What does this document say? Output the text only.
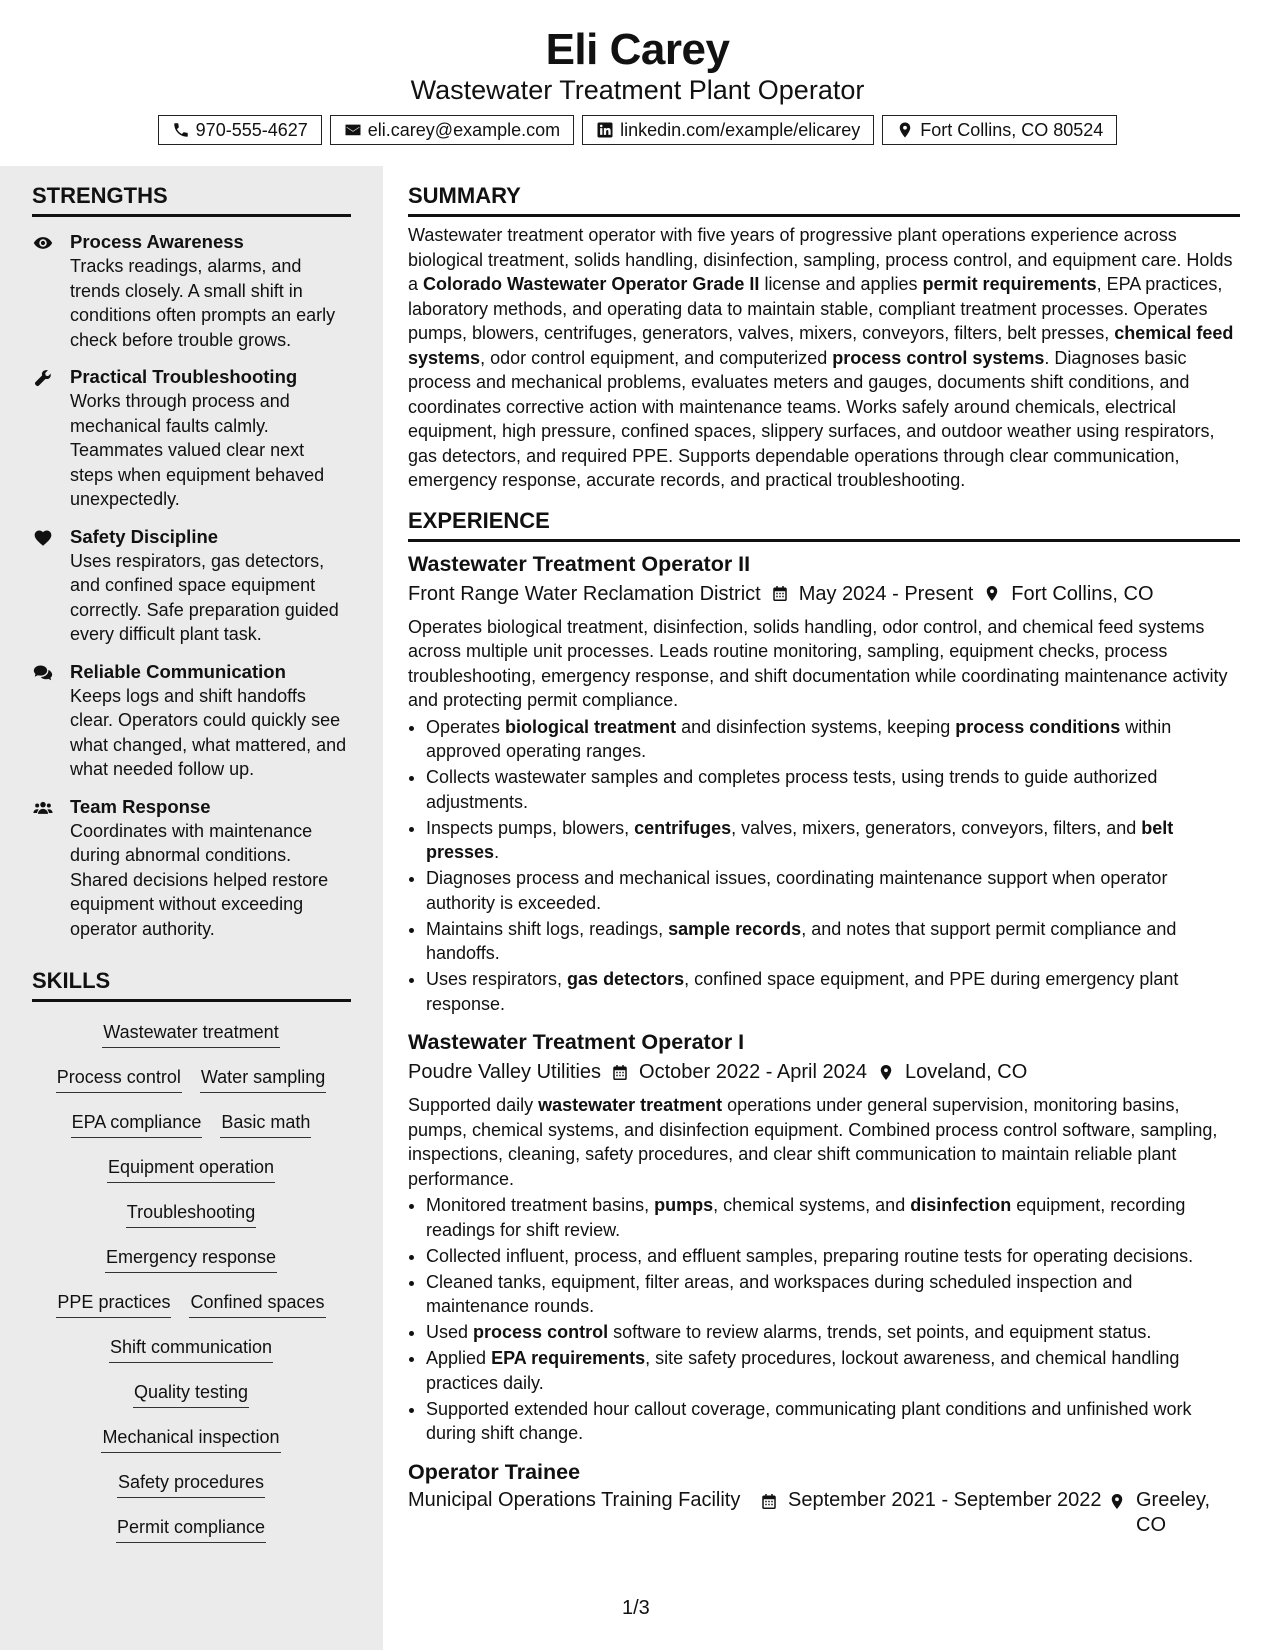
Eli Carey
Wastewater Treatment Plant Operator
970-555-4627	eli.carey@example.com	linkedin.com/example/elicarey	Fort Collins, CO 80524
STRENGTHS
Process Awareness
Tracks readings, alarms, and trends closely. A small shift in conditions often prompts an early check before trouble grows.
Practical Troubleshooting
Works through process and mechanical faults calmly. Teammates valued clear next steps when equipment behaved unexpectedly.
Safety Discipline
Uses respirators, gas detectors, and confined space equipment correctly. Safe preparation guided every difficult plant task.
Reliable Communication
Keeps logs and shift handoffs clear. Operators could quickly see what changed, what mattered, and what needed follow up.
Team Response
Coordinates with maintenance during abnormal conditions. Shared decisions helped restore equipment without exceeding operator authority.
SKILLS
Wastewater treatment
Process control Water sampling
EPA compliance Basic math
Equipment operation
Troubleshooting
Emergency response
PPE practices Confined spaces
Shift communication
Quality testing
Mechanical inspection
Safety procedures
Permit compliance
SUMMARY
Wastewater treatment operator with five years of progressive plant operations experience across biological treatment, solids handling, disinfection, sampling, process control, and equipment care. Holds a Colorado Wastewater Operator Grade II license and applies permit requirements, EPA practices, laboratory methods, and operating data to maintain stable, compliant treatment processes. Operates pumps, blowers, centrifuges, generators, valves, mixers, conveyors, filters, belt presses, chemical feed systems, odor control equipment, and computerized process control systems. Diagnoses basic process and mechanical problems, evaluates meters and gauges, documents shift conditions, and coordinates corrective action with maintenance teams. Works safely around chemicals, electrical equipment, high pressure, confined spaces, slippery surfaces, and outdoor weather using respirators, gas detectors, and required PPE. Supports dependable operations through clear communication, emergency response, accurate records, and practical troubleshooting.
EXPERIENCE
Wastewater Treatment Operator II
Front Range Water Reclamation District May 2024 - Present Fort Collins, CO
Operates biological treatment, disinfection, solids handling, odor control, and chemical feed systems across multiple unit processes. Leads routine monitoring, sampling, equipment checks, process troubleshooting, emergency response, and shift documentation while coordinating maintenance activity and protecting permit compliance.
• Operates biological treatment and disinfection systems, keeping process conditions within approved operating ranges.
• Collects wastewater samples and completes process tests, using trends to guide authorized adjustments.
• Inspects pumps, blowers, centrifuges, valves, mixers, generators, conveyors, filters, and belt presses.
• Diagnoses process and mechanical issues, coordinating maintenance support when operator authority is exceeded.
• Maintains shift logs, readings, sample records, and notes that support permit compliance and handoffs.
• Uses respirators, gas detectors, confined space equipment, and PPE during emergency plant response.
Wastewater Treatment Operator I
Poudre Valley Utilities October 2022 - April 2024 Loveland, CO
Supported daily wastewater treatment operations under general supervision, monitoring basins, pumps, chemical systems, and disinfection equipment. Combined process control software, sampling, inspections, cleaning, safety procedures, and clear shift communication to maintain reliable plant performance.
• Monitored treatment basins, pumps, chemical systems, and disinfection equipment, recording readings for shift review.
• Collected influent, process, and effluent samples, preparing routine tests for operating decisions.
• Cleaned tanks, equipment, filter areas, and workspaces during scheduled inspection and maintenance rounds.
• Used process control software to review alarms, trends, set points, and equipment status.
• Applied EPA requirements, site safety procedures, lockout awareness, and chemical handling practices daily.
• Supported extended hour callout coverage, communicating plant conditions and unfinished work during shift change.
Operator Trainee
Municipal Operations Training Facility	September 2021 - September 2022 Greeley, CO
1/3
